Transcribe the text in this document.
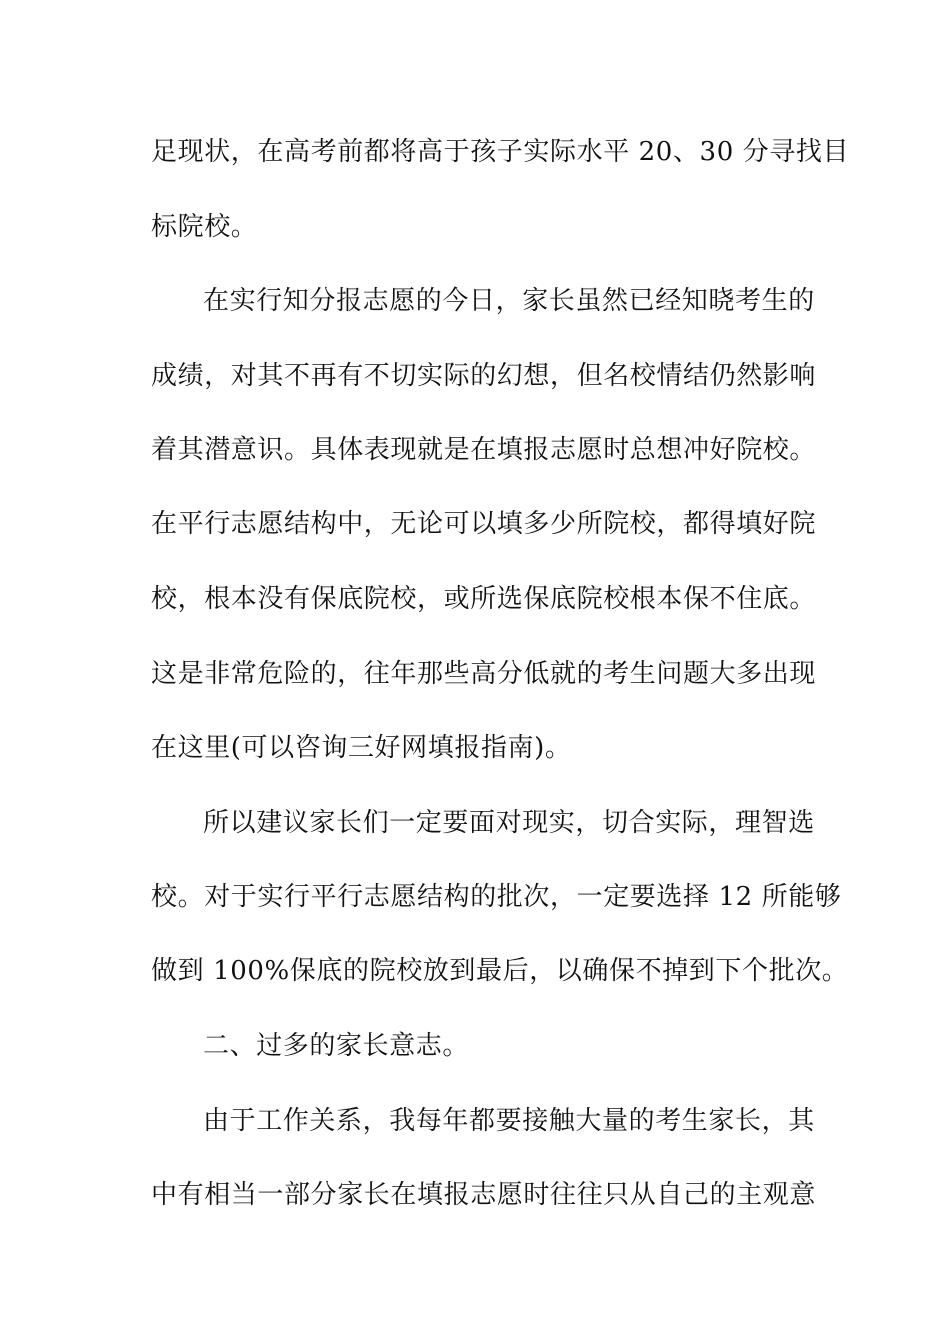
足现状，在高考前都将高于孩子实际水平 20、30 分寻找目
标院校。
在实行知分报志愿的今日，家长虽然已经知晓考生的
成绩，对其不再有不切实际的幻想，但名校情结仍然影响
着其潜意识。具体表现就是在填报志愿时总想冲好院校。
在平行志愿结构中，无论可以填多少所院校，都得填好院
校，根本没有保底院校，或所选保底院校根本保不住底。
这是非常危险的，往年那些高分低就的考生问题大多出现
在这里(可以咨询三好网填报指南)。
所以建议家长们一定要面对现实，切合实际，理智选
校。对于实行平行志愿结构的批次，一定要选择 12 所能够
做到 100%保底的院校放到最后，以确保不掉到下个批次。
二、过多的家长意志。
由于工作关系，我每年都要接触大量的考生家长，其
中有相当一部分家长在填报志愿时往往只从自己的主观意
